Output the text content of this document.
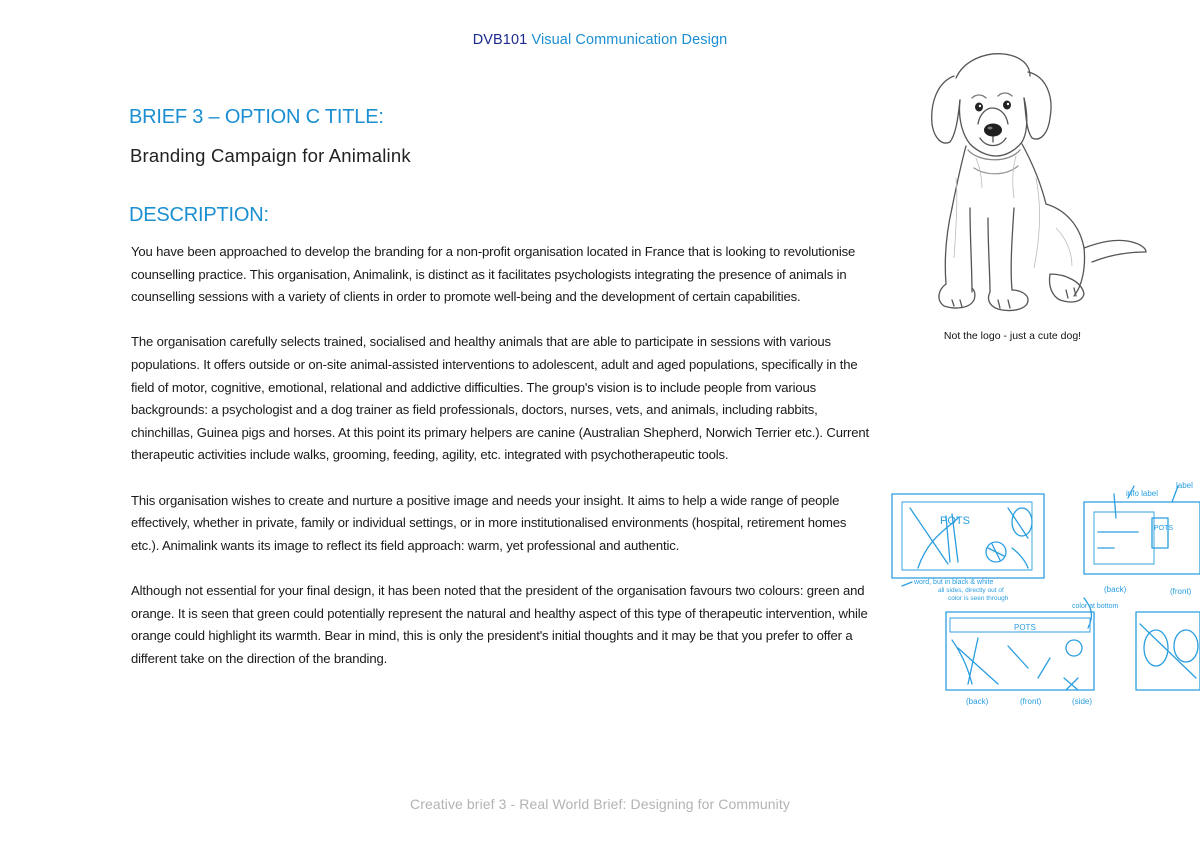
DVB101 Visual Communication Design
BRIEF 3 – OPTION C TITLE:
Branding Campaign for Animalink
DESCRIPTION:

You have been approached to develop the branding for a non-profit organisation located in France that is looking to revolutionise counselling practice. This organisation, Animalink, is distinct as it facilitates psychologists integrating the presence of animals in counselling sessions with a variety of clients in order to promote well-being and the development of certain capabilities.

The organisation carefully selects trained, socialised and healthy animals that are able to participate in sessions with various populations. It offers outside or on-site animal-assisted interventions to adolescent, adult and aged populations, specifically in the field of motor, cognitive, emotional, relational and addictive difficulties. The group's vision is to include people from various backgrounds: a psychologist and a dog trainer as field professionals, doctors, nurses, vets, and animals, including rabbits, chinchillas, Guinea pigs and horses. At this point its primary helpers are canine (Australian Shepherd, Norwich Terrier etc.). Current therapeutic activities include walks, grooming, feeding, agility, etc. integrated with psychotherapeutic tools.

This organisation wishes to create and nurture a positive image and needs your insight. It aims to help a wide range of people effectively, whether in private, family or individual settings, or in more institutionalised environments (hospital, retirement homes etc.). Animalink wants its image to reflect its field approach: warm, yet professional and authentic.

Although not essential for your final design, it has been noted that the president of the organisation favours two colours: green and orange. It is seen that green could potentially represent the natural and healthy aspect of this type of therapeutic intervention, while orange could highlight its warmth. Bear in mind, this is only the president's initial thoughts and it may be that you prefer to offer a different take on the direction of the branding.

Not the logo - just a cute dog!
POTS
POTS
POTS
info label
label
(back)	(front)
(back)	(front)	(side)
color at bottom
word, but in black & white
all sides, directly out of
color is seen through
Creative brief 3 - Real World Brief: Designing for Community
